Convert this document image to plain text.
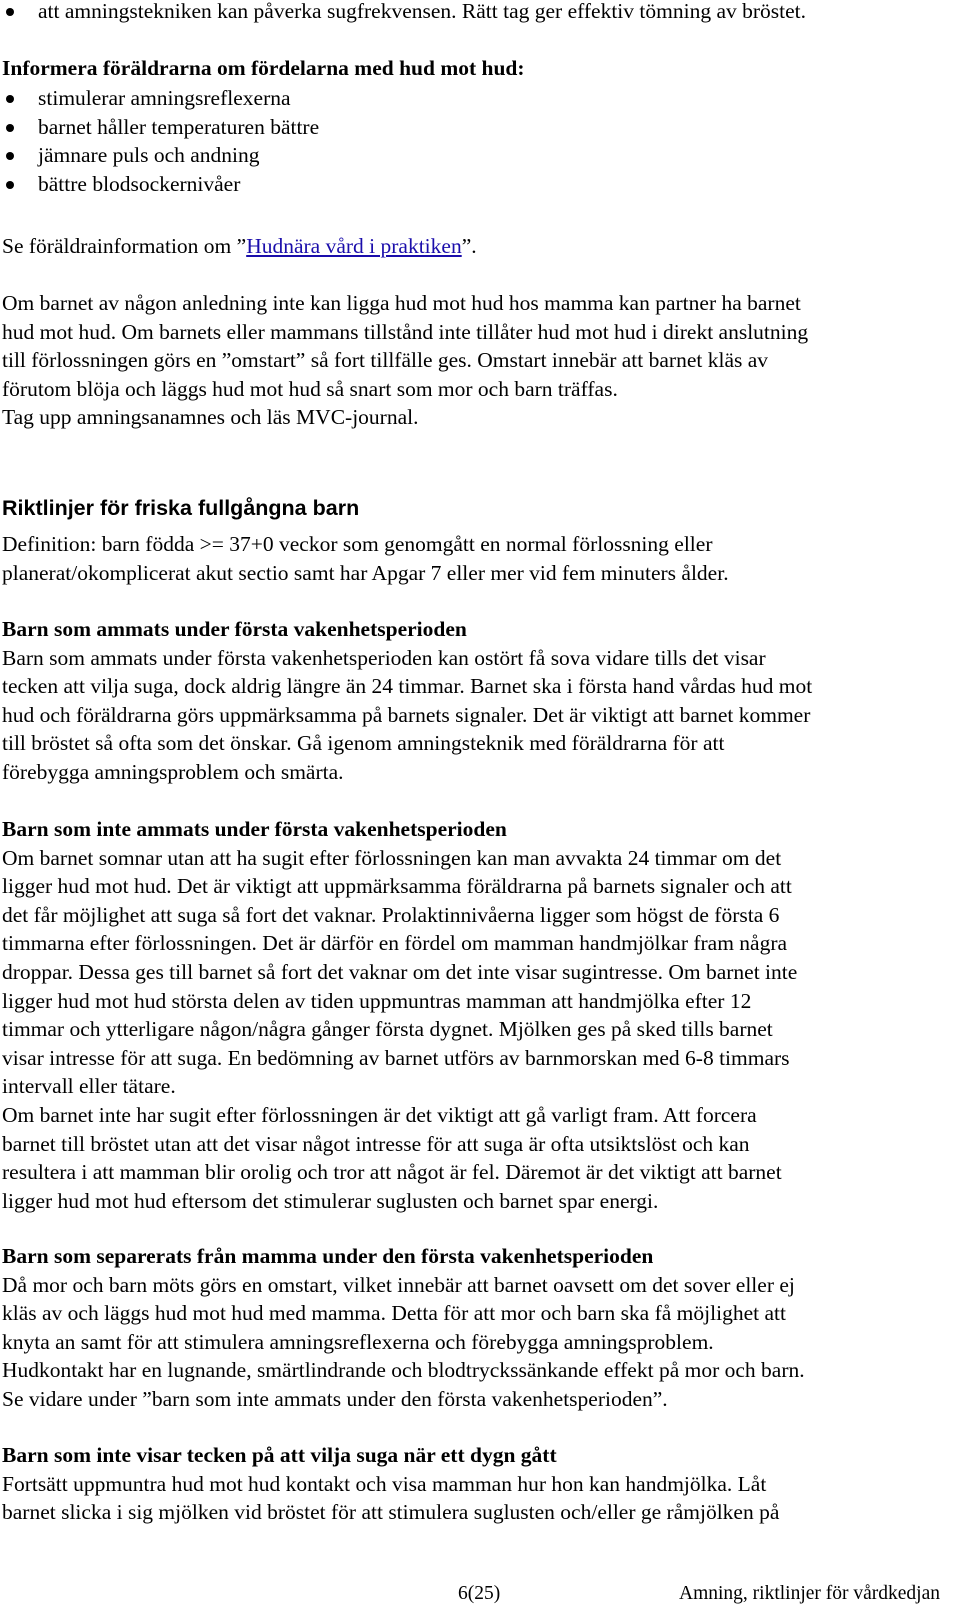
att amningstekniken kan påverka sugfrekvensen. Rätt tag ger effektiv tömning av bröstet.
Informera föräldrarna om fördelarna med hud mot hud:
stimulerar amningsreflexerna
barnet håller temperaturen bättre
jämnare puls och andning
bättre blodsockernivåer
Se föräldrainformation om ”Hudnära vård i praktiken”.
Om barnet av någon anledning inte kan ligga hud mot hud hos mamma kan partner ha barnet
hud mot hud. Om barnets eller mammans tillstånd inte tillåter hud mot hud i direkt anslutning
till förlossningen görs en ”omstart” så fort tillfälle ges. Omstart innebär att barnet kläs av
förutom blöja och läggs hud mot hud så snart som mor och barn träffas.
Tag upp amningsanamnes och läs MVC-journal.
Riktlinjer för friska fullgångna barn
Definition: barn födda >= 37+0 veckor som genomgått en normal förlossning eller
planerat/okomplicerat akut sectio samt har Apgar 7 eller mer vid fem minuters ålder.
Barn som ammats under första vakenhetsperioden
Barn som ammats under första vakenhetsperioden kan ostört få sova vidare tills det visar
tecken att vilja suga, dock aldrig längre än 24 timmar. Barnet ska i första hand vårdas hud mot
hud och föräldrarna görs uppmärksamma på barnets signaler. Det är viktigt att barnet kommer
till bröstet så ofta som det önskar. Gå igenom amningsteknik med föräldrarna för att
förebygga amningsproblem och smärta.
Barn som inte ammats under första vakenhetsperioden
Om barnet somnar utan att ha sugit efter förlossningen kan man avvakta 24 timmar om det
ligger hud mot hud. Det är viktigt att uppmärksamma föräldrarna på barnets signaler och att
det får möjlighet att suga så fort det vaknar. Prolaktinnivåerna ligger som högst de första 6
timmarna efter förlossningen. Det är därför en fördel om mamman handmjölkar fram några
droppar. Dessa ges till barnet så fort det vaknar om det inte visar sugintresse. Om barnet inte
ligger hud mot hud största delen av tiden uppmuntras mamman att handmjölka efter 12
timmar och ytterligare någon/några gånger första dygnet. Mjölken ges på sked tills barnet
visar intresse för att suga. En bedömning av barnet utförs av barnmorskan med 6-8 timmars
intervall eller tätare.
Om barnet inte har sugit efter förlossningen är det viktigt att gå varligt fram. Att forcera
barnet till bröstet utan att det visar något intresse för att suga är ofta utsiktslöst och kan
resultera i att mamman blir orolig och tror att något är fel. Däremot är det viktigt att barnet
ligger hud mot hud eftersom det stimulerar suglusten och barnet spar energi.
Barn som separerats från mamma under den första vakenhetsperioden
Då mor och barn möts görs en omstart, vilket innebär att barnet oavsett om det sover eller ej
kläs av och läggs hud mot hud med mamma. Detta för att mor och barn ska få möjlighet att
knyta an samt för att stimulera amningsreflexerna och förebygga amningsproblem.
Hudkontakt har en lugnande, smärtlindrande och blodtryckssänkande effekt på mor och barn.
Se vidare under ”barn som inte ammats under den första vakenhetsperioden”.
Barn som inte visar tecken på att vilja suga när ett dygn gått
Fortsätt uppmuntra hud mot hud kontakt och visa mamman hur hon kan handmjölka. Låt
barnet slicka i sig mjölken vid bröstet för att stimulera suglusten och/eller ge råmjölken på
6(25)	Amning, riktlinjer för vårdkedjan
